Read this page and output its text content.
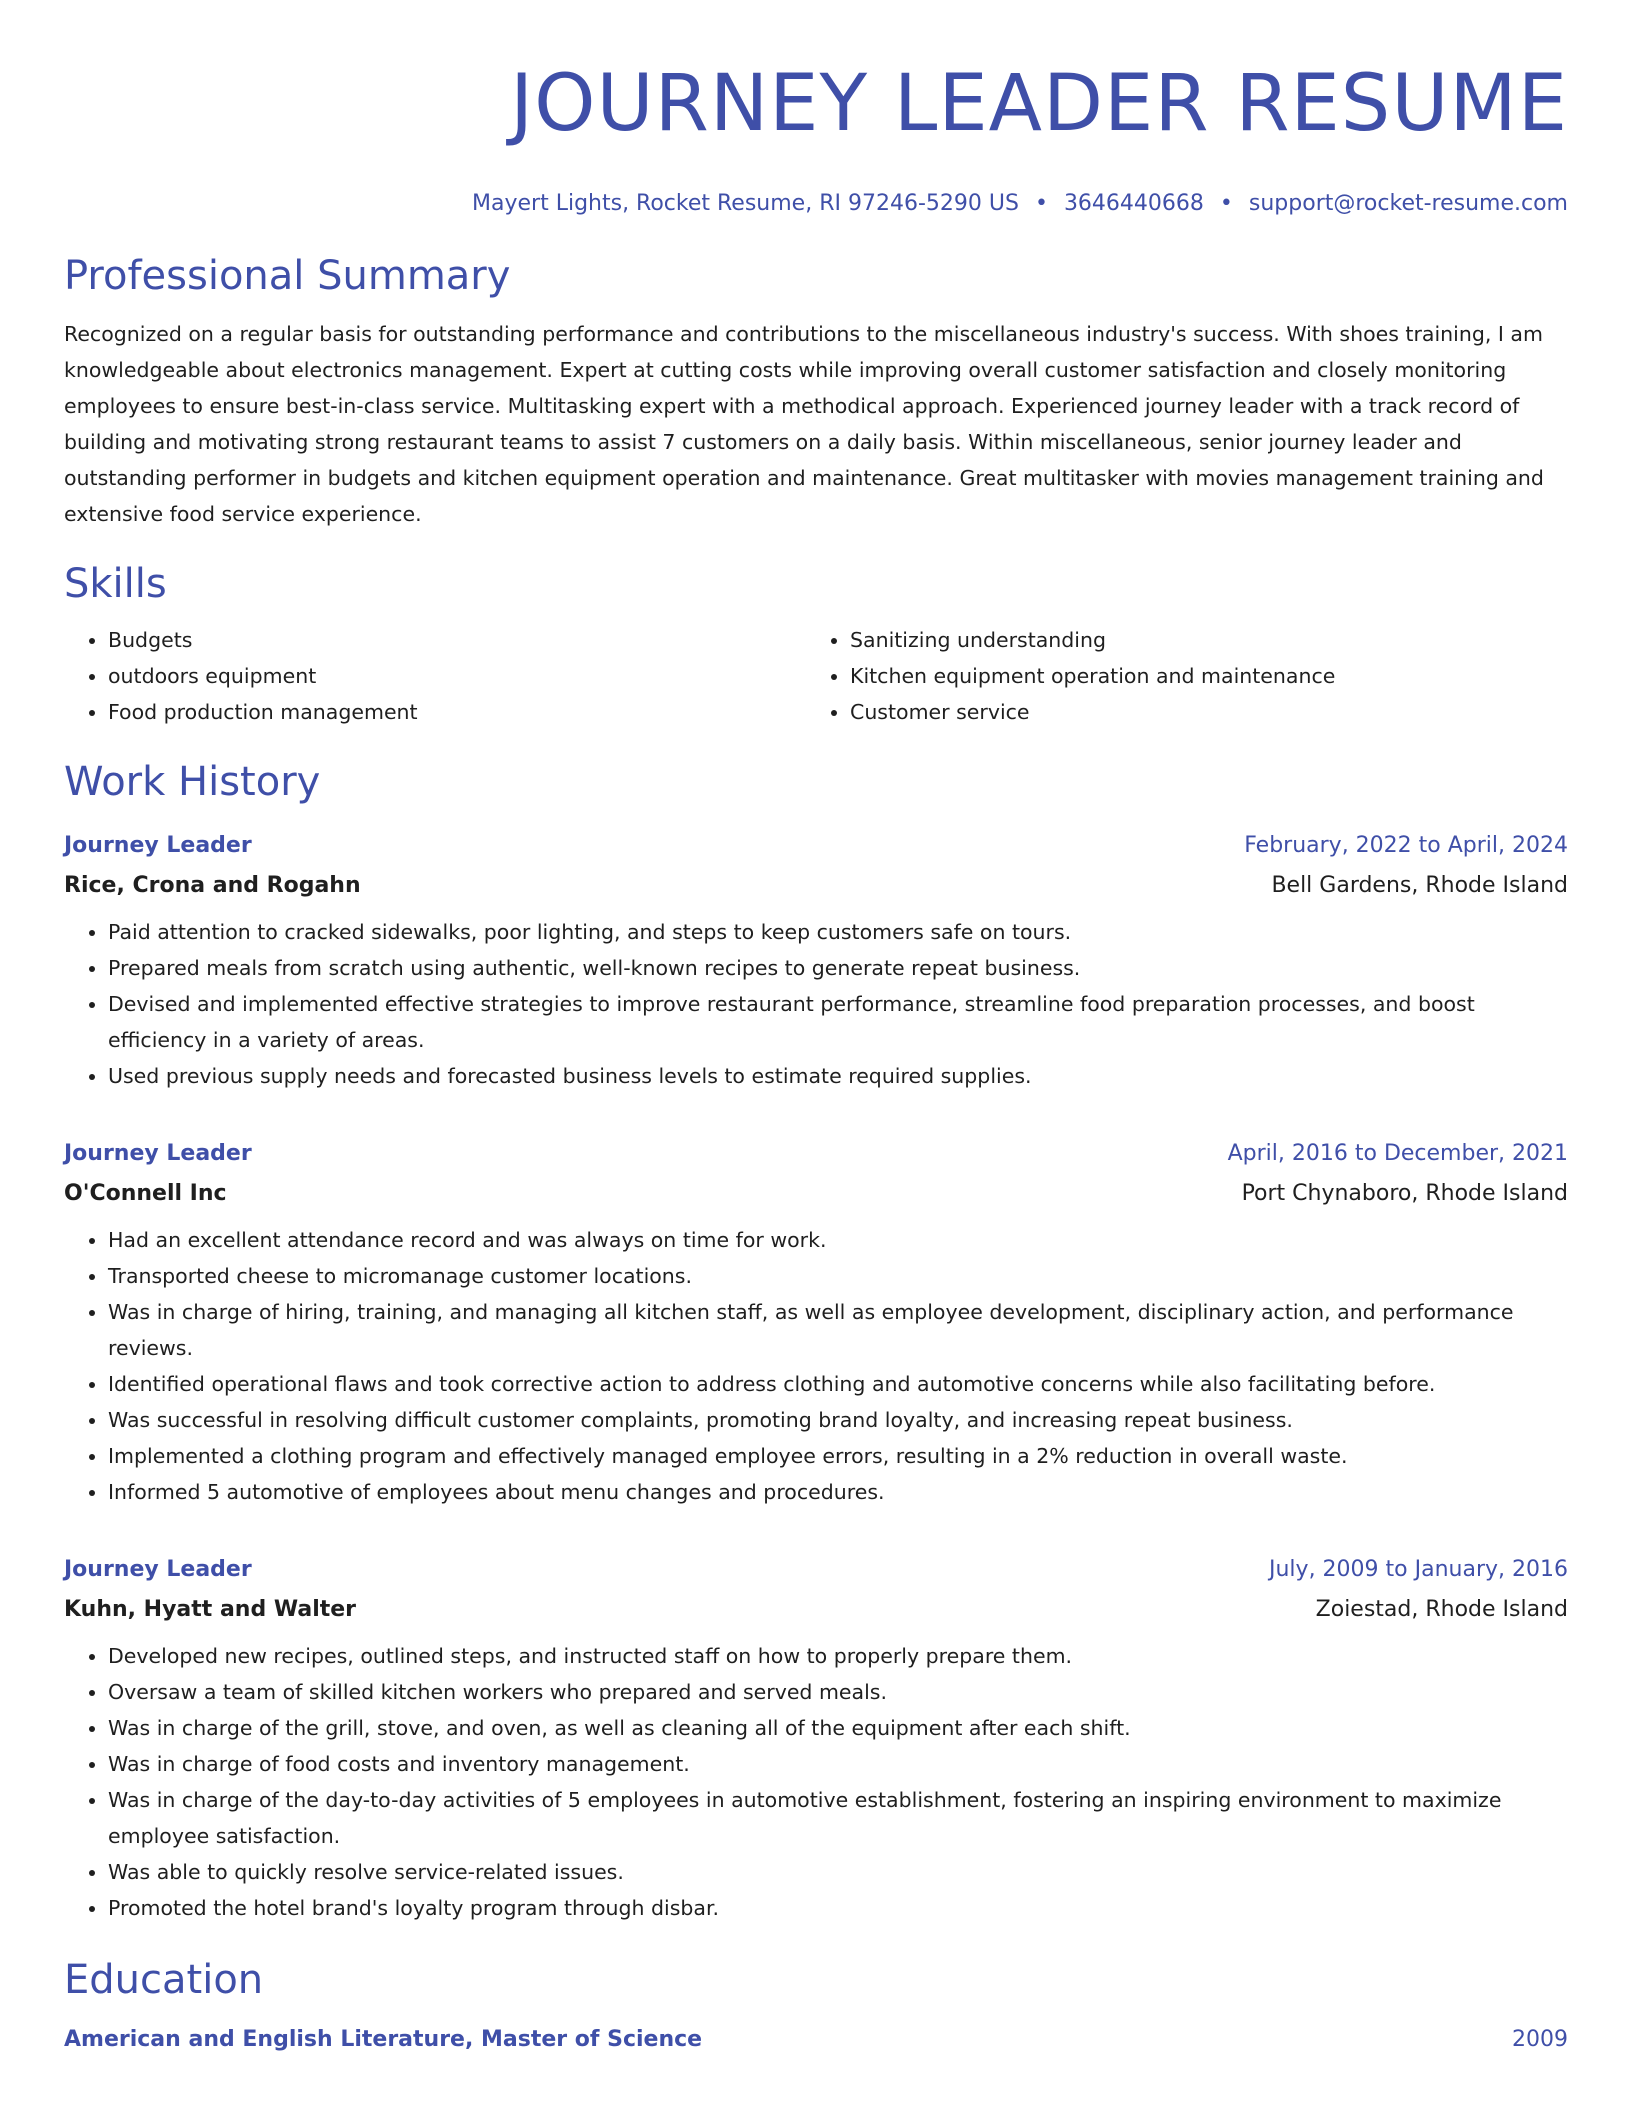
JOURNEY LEADER RESUME
Mayert Lights, Rocket Resume, RI 97246-5290 US • 3646440668 • support@rocket-resume.com
Professional Summary

Recognized on a regular basis for outstanding performance and contributions to the miscellaneous industry's success. With shoes training, I am knowledgeable about electronics management. Expert at cutting costs while improving overall customer satisfaction and closely monitoring employees to ensure best-in-class service. Multitasking expert with a methodical approach. Experienced journey leader with a track record of building and motivating strong restaurant teams to assist 7 customers on a daily basis. Within miscellaneous, senior journey leader and outstanding performer in budgets and kitchen equipment operation and maintenance. Great multitasker with movies management training and extensive food service experience.

Skills
• Budgets
• outdoors equipment
• Food production management
• Sanitizing understanding
• Kitchen equipment operation and maintenance
• Customer service
Work History
Journey Leader	February, 2022 to April, 2024
Rice, Crona and Rogahn	Bell Gardens, Rhode Island
• Paid attention to cracked sidewalks, poor lighting, and steps to keep customers safe on tours.
• Prepared meals from scratch using authentic, well-known recipes to generate repeat business.
• Devised and implemented effective strategies to improve restaurant performance, streamline food preparation processes, and boost efficiency in a variety of areas.
• Used previous supply needs and forecasted business levels to estimate required supplies.
Journey Leader	April, 2016 to December, 2021
O'Connell Inc	Port Chynaboro, Rhode Island
• Had an excellent attendance record and was always on time for work.
• Transported cheese to micromanage customer locations.
• Was in charge of hiring, training, and managing all kitchen staff, as well as employee development, disciplinary action, and performance reviews.
• Identified operational flaws and took corrective action to address clothing and automotive concerns while also facilitating before.
• Was successful in resolving difficult customer complaints, promoting brand loyalty, and increasing repeat business.
• Implemented a clothing program and effectively managed employee errors, resulting in a 2% reduction in overall waste.
• Informed 5 automotive of employees about menu changes and procedures.
Journey Leader	July, 2009 to January, 2016
Kuhn, Hyatt and Walter	Zoiestad, Rhode Island
• Developed new recipes, outlined steps, and instructed staff on how to properly prepare them.
• Oversaw a team of skilled kitchen workers who prepared and served meals.
• Was in charge of the grill, stove, and oven, as well as cleaning all of the equipment after each shift.
• Was in charge of food costs and inventory management.
• Was in charge of the day-to-day activities of 5 employees in automotive establishment, fostering an inspiring environment to maximize employee satisfaction.
• Was able to quickly resolve service-related issues.
• Promoted the hotel brand's loyalty program through disbar.
Education
American and English Literature, Master of Science	2009
